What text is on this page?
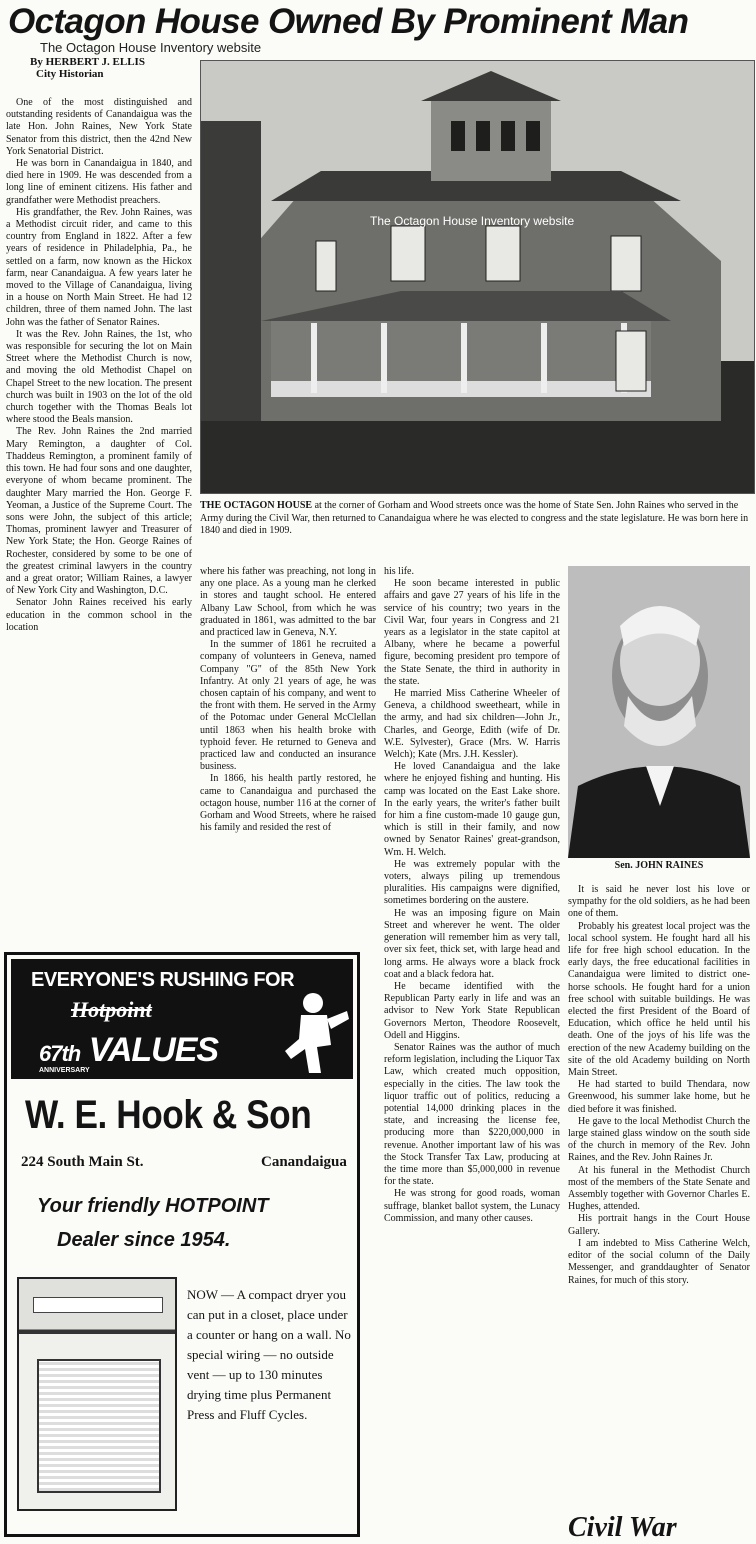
Octagon House Owned By Prominent Man
The Octagon House Inventory website
By HERBERT J. ELLIS
City Historian

One of the most distinguished and outstanding residents of Canandaigua was the late Hon. John Raines, New York State Senator from this district, then the 42nd New York Senatorial District.

He was born in Canandaigua in 1840, and died here in 1909. He was descended from a long line of eminent citizens. His father and grandfather were Methodist preachers.

His grandfather, the Rev. John Raines, was a Methodist circuit rider, and came to this country from England in 1822. After a few years of residence in Philadelphia, Pa., he settled on a farm, now known as the Hickox farm, near Canandaigua. A few years later he moved to the Village of Canandaigua, living in a house on North Main Street. He had 12 children, three of them named John. The last John was the father of Senator Raines.

It was the Rev. John Raines, the 1st, who was responsible for securing the lot on Main Street where the Methodist Church is now, and moving the old Methodist Chapel on Chapel Street to the new location. The present church was built in 1903 on the lot of the old church together with the Thomas Beals lot where stood the Beals mansion.

The Rev. John Raines the 2nd married Mary Remington, a daughter of Col. Thaddeus Remington, a prominent family of this town. He had four sons and one daughter, everyone of whom became prominent. The daughter Mary married the Hon. George F. Yeoman, a Justice of the Supreme Court. The sons were John, the subject of this article; Thomas, prominent lawyer and Treasurer of New York State; the Hon. George Raines of Rochester, considered by some to be one of the greatest criminal lawyers in the country and a great orator; William Raines, a lawyer of New York City and Washington, D.C.

Senator John Raines received his early education in the common school in the location

The Octagon House Inventory website
THE OCTAGON HOUSE at the corner of Gorham and Wood streets once was the home of State Sen. John Raines who served in the Army during the Civil War, then returned to Canandaigua where he was elected to congress and the state legislature. He was born here in 1840 and died in 1909.

where his father was preaching, not long in any one place. As a young man he clerked in stores and taught school. He entered Albany Law School, from which he was graduated in 1861, was admitted to the bar and practiced law in Geneva, N.Y.

In the summer of 1861 he recruited a company of volunteers in Geneva, named Company "G" of the 85th New York Infantry. At only 21 years of age, he was chosen captain of his company, and went to the front with them. He served in the Army of the Potomac under General McClellan until 1863 when his health broke with typhoid fever. He returned to Geneva and practiced law and conducted an insurance business.

In 1866, his health partly restored, he came to Canandaigua and purchased the octagon house, number 116 at the corner of Gorham and Wood Streets, where he raised his family and resided the rest of

his life.

He soon became interested in public affairs and gave 27 years of his life in the service of his country; two years in the Civil War, four years in Congress and 21 years as a legislator in the state capitol at Albany, where he became a powerful figure, becoming president pro tempore of the State Senate, the third in authority in the state.

He married Miss Catherine Wheeler of Geneva, a childhood sweetheart, while in the army, and had six children—John Jr., Charles, and George, Edith (wife of Dr. W.E. Sylvester), Grace (Mrs. W. Harris Welch); Kate (Mrs. J.H. Kessler).

He loved Canandaigua and the lake where he enjoyed fishing and hunting. His camp was located on the East Lake shore. In the early years, the writer's father built for him a fine custom-made 10 gauge gun, which is still in their family, and now owned by Senator Raines' great-grandson, Wm. H. Welch.

He was extremely popular with the voters, always piling up tremendous pluralities. His campaigns were dignified, sometimes bordering on the austere.

He was an imposing figure on Main Street and wherever he went. The older generation will remember him as very tall, over six feet, thick set, with large head and long arms. He always wore a black frock coat and a black fedora hat.

He became identified with the Republican Party early in life and was an advisor to New York State Republican Governors Merton, Theodore Roosevelt, Odell and Higgins.

Senator Raines was the author of much reform legislation, including the Liquor Tax Law, which created much opposition, especially in the cities. The law took the liquor traffic out of politics, reducing a potential 14,000 drinking places in the state, and increasing the license fee, producing more than $220,000,000 in revenue. Another important law of his was the Stock Transfer Tax Law, producing at the time more than $5,000,000 in revenue for the state.

He was strong for good roads, woman suffrage, blanket ballot system, the Lunacy Commission, and many other causes.

Sen. JOHN RAINES

It is said he never lost his love or sympathy for the old soldiers, as he had been one of them.

Probably his greatest local project was the local school system. He fought hard all his life for free high school education. In the early days, the free educational facilities in Canandaigua were limited to district one-horse schools. He fought hard for a union free school with suitable buildings. He was elected the first President of the Board of Education, which office he held until his death. One of the joys of his life was the erection of the new Academy building on the site of the old Academy building on North Main Street.

He had started to build Thendara, now Greenwood, his summer lake home, but he died before it was finished.

He gave to the local Methodist Church the large stained glass window on the south side of the church in memory of the Rev. John Raines, and the Rev. John Raines Jr.

At his funeral in the Methodist Church most of the members of the State Senate and Assembly together with Governor Charles E. Hughes, attended.

His portrait hangs in the Court House Gallery.

I am indebted to Miss Catherine Welch, editor of the social column of the Daily Messenger, and granddaughter of Senator Raines, for much of this story.

Civil War
EVERYONE'S RUSHING FOR
Hotpoint
67th VALUES
ANNIVERSARY
W. E. Hook & Son
224 South Main St.	Canandaigua
Your friendly HOTPOINT
Dealer since 1954.
NOW — A compact dryer you can put in a closet, place under a counter or hang on a wall. No special wiring — no outside vent — up to 130 minutes drying time plus Permanent Press and Fluff Cycles.
